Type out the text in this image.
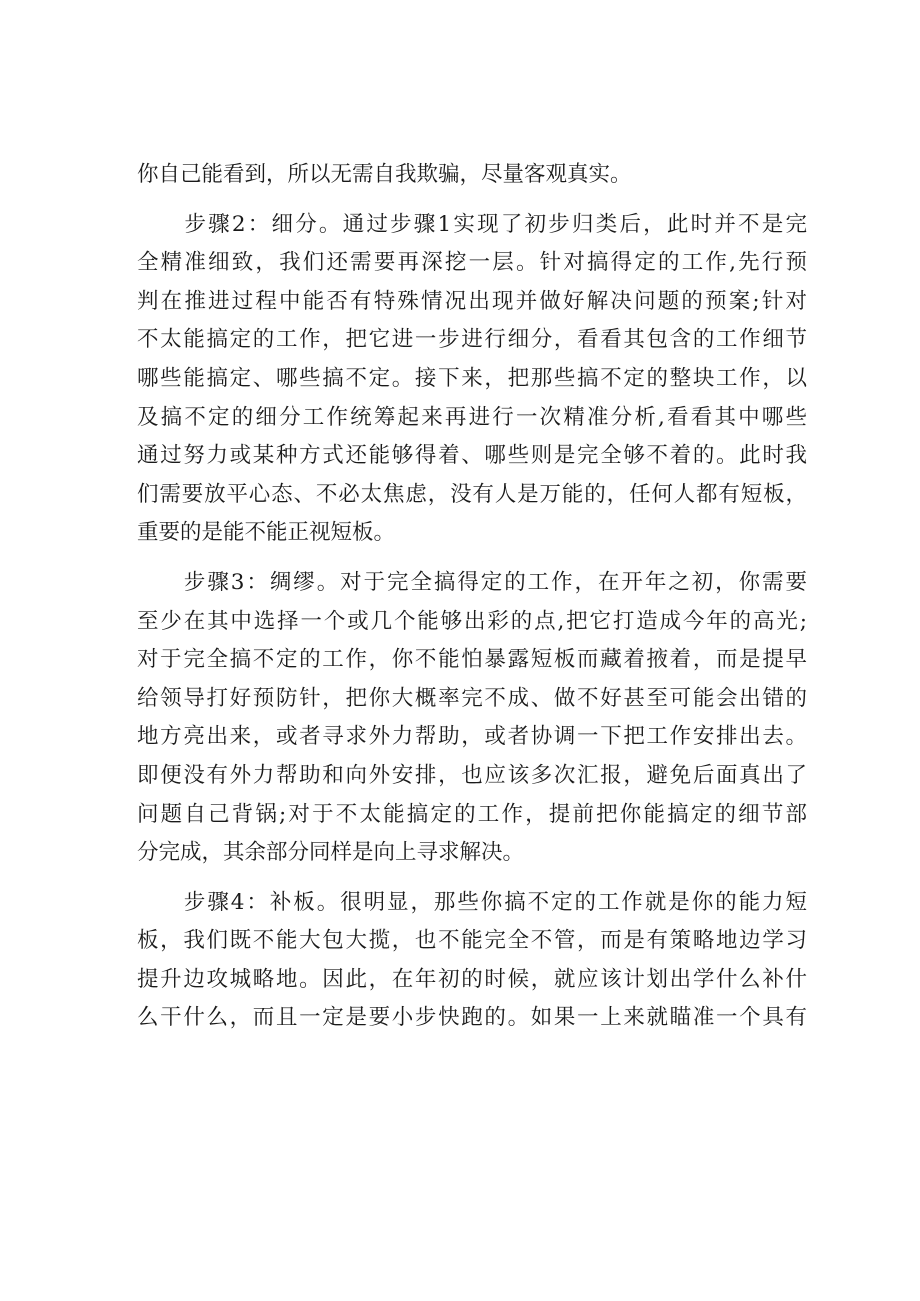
你自己能看到，所以无需自我欺骗，尽量客观真实。
　　步骤2：细分。通过步骤1实现了初步归类后，此时并不是完
全精准细致，我们还需要再深挖一层。针对搞得定的工作,先行预
判在推进过程中能否有特殊情况出现并做好解决问题的预案;针对
不太能搞定的工作，把它进一步进行细分，看看其包含的工作细节
哪些能搞定、哪些搞不定。接下来，把那些搞不定的整块工作，以
及搞不定的细分工作统筹起来再进行一次精准分析,看看其中哪些
通过努力或某种方式还能够得着、哪些则是完全够不着的。此时我
们需要放平心态、不必太焦虑，没有人是万能的，任何人都有短板，
重要的是能不能正视短板。
　　步骤3：绸缪。对于完全搞得定的工作，在开年之初，你需要
至少在其中选择一个或几个能够出彩的点,把它打造成今年的高光;
对于完全搞不定的工作，你不能怕暴露短板而藏着掖着，而是提早
给领导打好预防针，把你大概率完不成、做不好甚至可能会出错的
地方亮出来，或者寻求外力帮助，或者协调一下把工作安排出去。
即便没有外力帮助和向外安排，也应该多次汇报，避免后面真出了
问题自己背锅;对于不太能搞定的工作，提前把你能搞定的细节部
分完成，其余部分同样是向上寻求解决。
　　步骤4：补板。很明显，那些你搞不定的工作就是你的能力短
板，我们既不能大包大揽，也不能完全不管，而是有策略地边学习
提升边攻城略地。因此，在年初的时候，就应该计划出学什么补什
么干什么，而且一定是要小步快跑的。如果一上来就瞄准一个具有
